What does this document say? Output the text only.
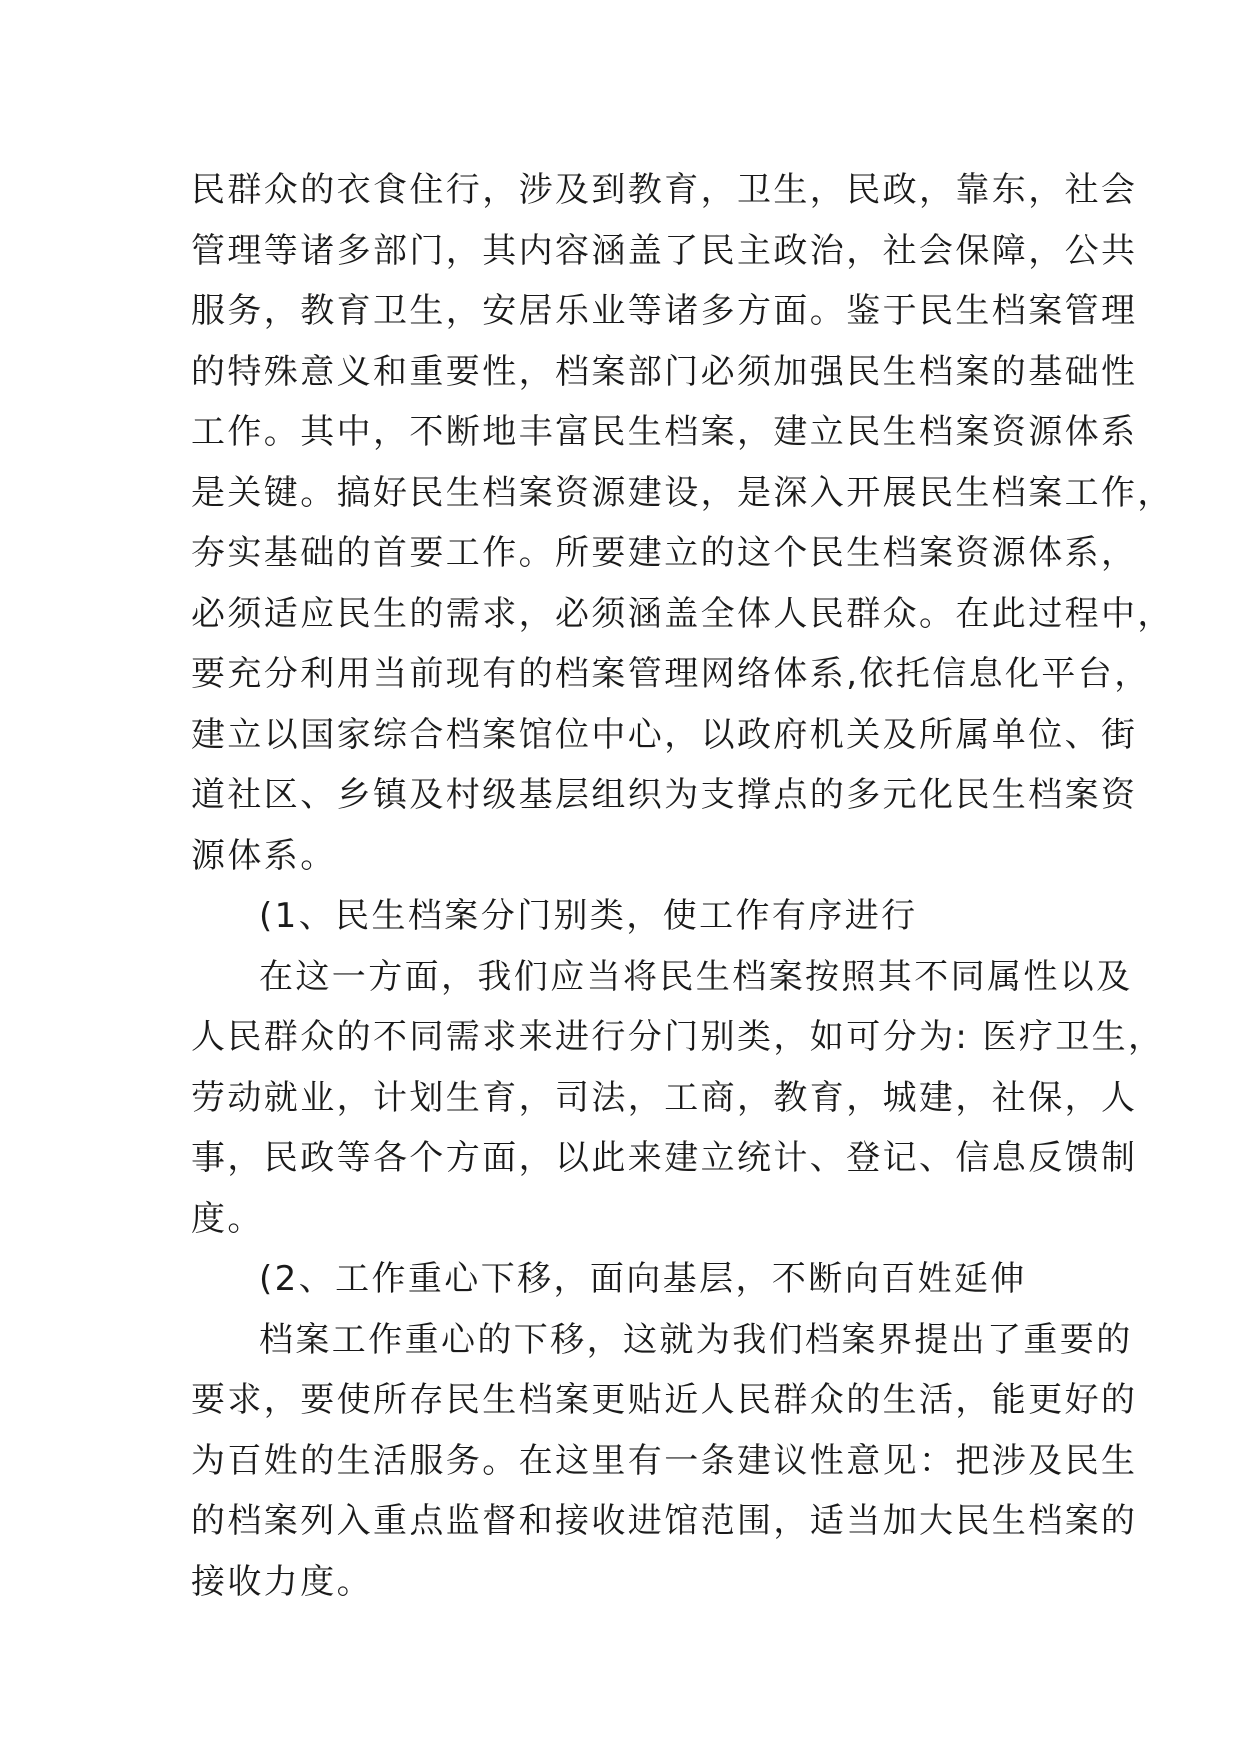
民群众的衣食住行，涉及到教育，卫生，民政，靠东，社会
管理等诸多部门，其内容涵盖了民主政治，社会保障，公共
服务，教育卫生，安居乐业等诸多方面。鉴于民生档案管理
的特殊意义和重要性，档案部门必须加强民生档案的基础性
工作。其中，不断地丰富民生档案，建立民生档案资源体系
是关键。搞好民生档案资源建设，是深入开展民生档案工作，
夯实基础的首要工作。所要建立的这个民生档案资源体系，
必须适应民生的需求，必须涵盖全体人民群众。在此过程中，
要充分利用当前现有的档案管理网络体系,依托信息化平台，
建立以国家综合档案馆位中心，以政府机关及所属单位、街
道社区、乡镇及村级基层组织为支撑点的多元化民生档案资
源体系。
(1、民生档案分门别类，使工作有序进行
在这一方面，我们应当将民生档案按照其不同属性以及
人民群众的不同需求来进行分门别类，如可分为: 医疗卫生，
劳动就业，计划生育，司法，工商，教育，城建，社保，人
事，民政等各个方面，以此来建立统计、登记、信息反馈制
度。
(2、工作重心下移，面向基层，不断向百姓延伸
档案工作重心的下移，这就为我们档案界提出了重要的
要求，要使所存民生档案更贴近人民群众的生活，能更好的
为百姓的生活服务。在这里有一条建议性意见：把涉及民生
的档案列入重点监督和接收进馆范围，适当加大民生档案的
接收力度。
